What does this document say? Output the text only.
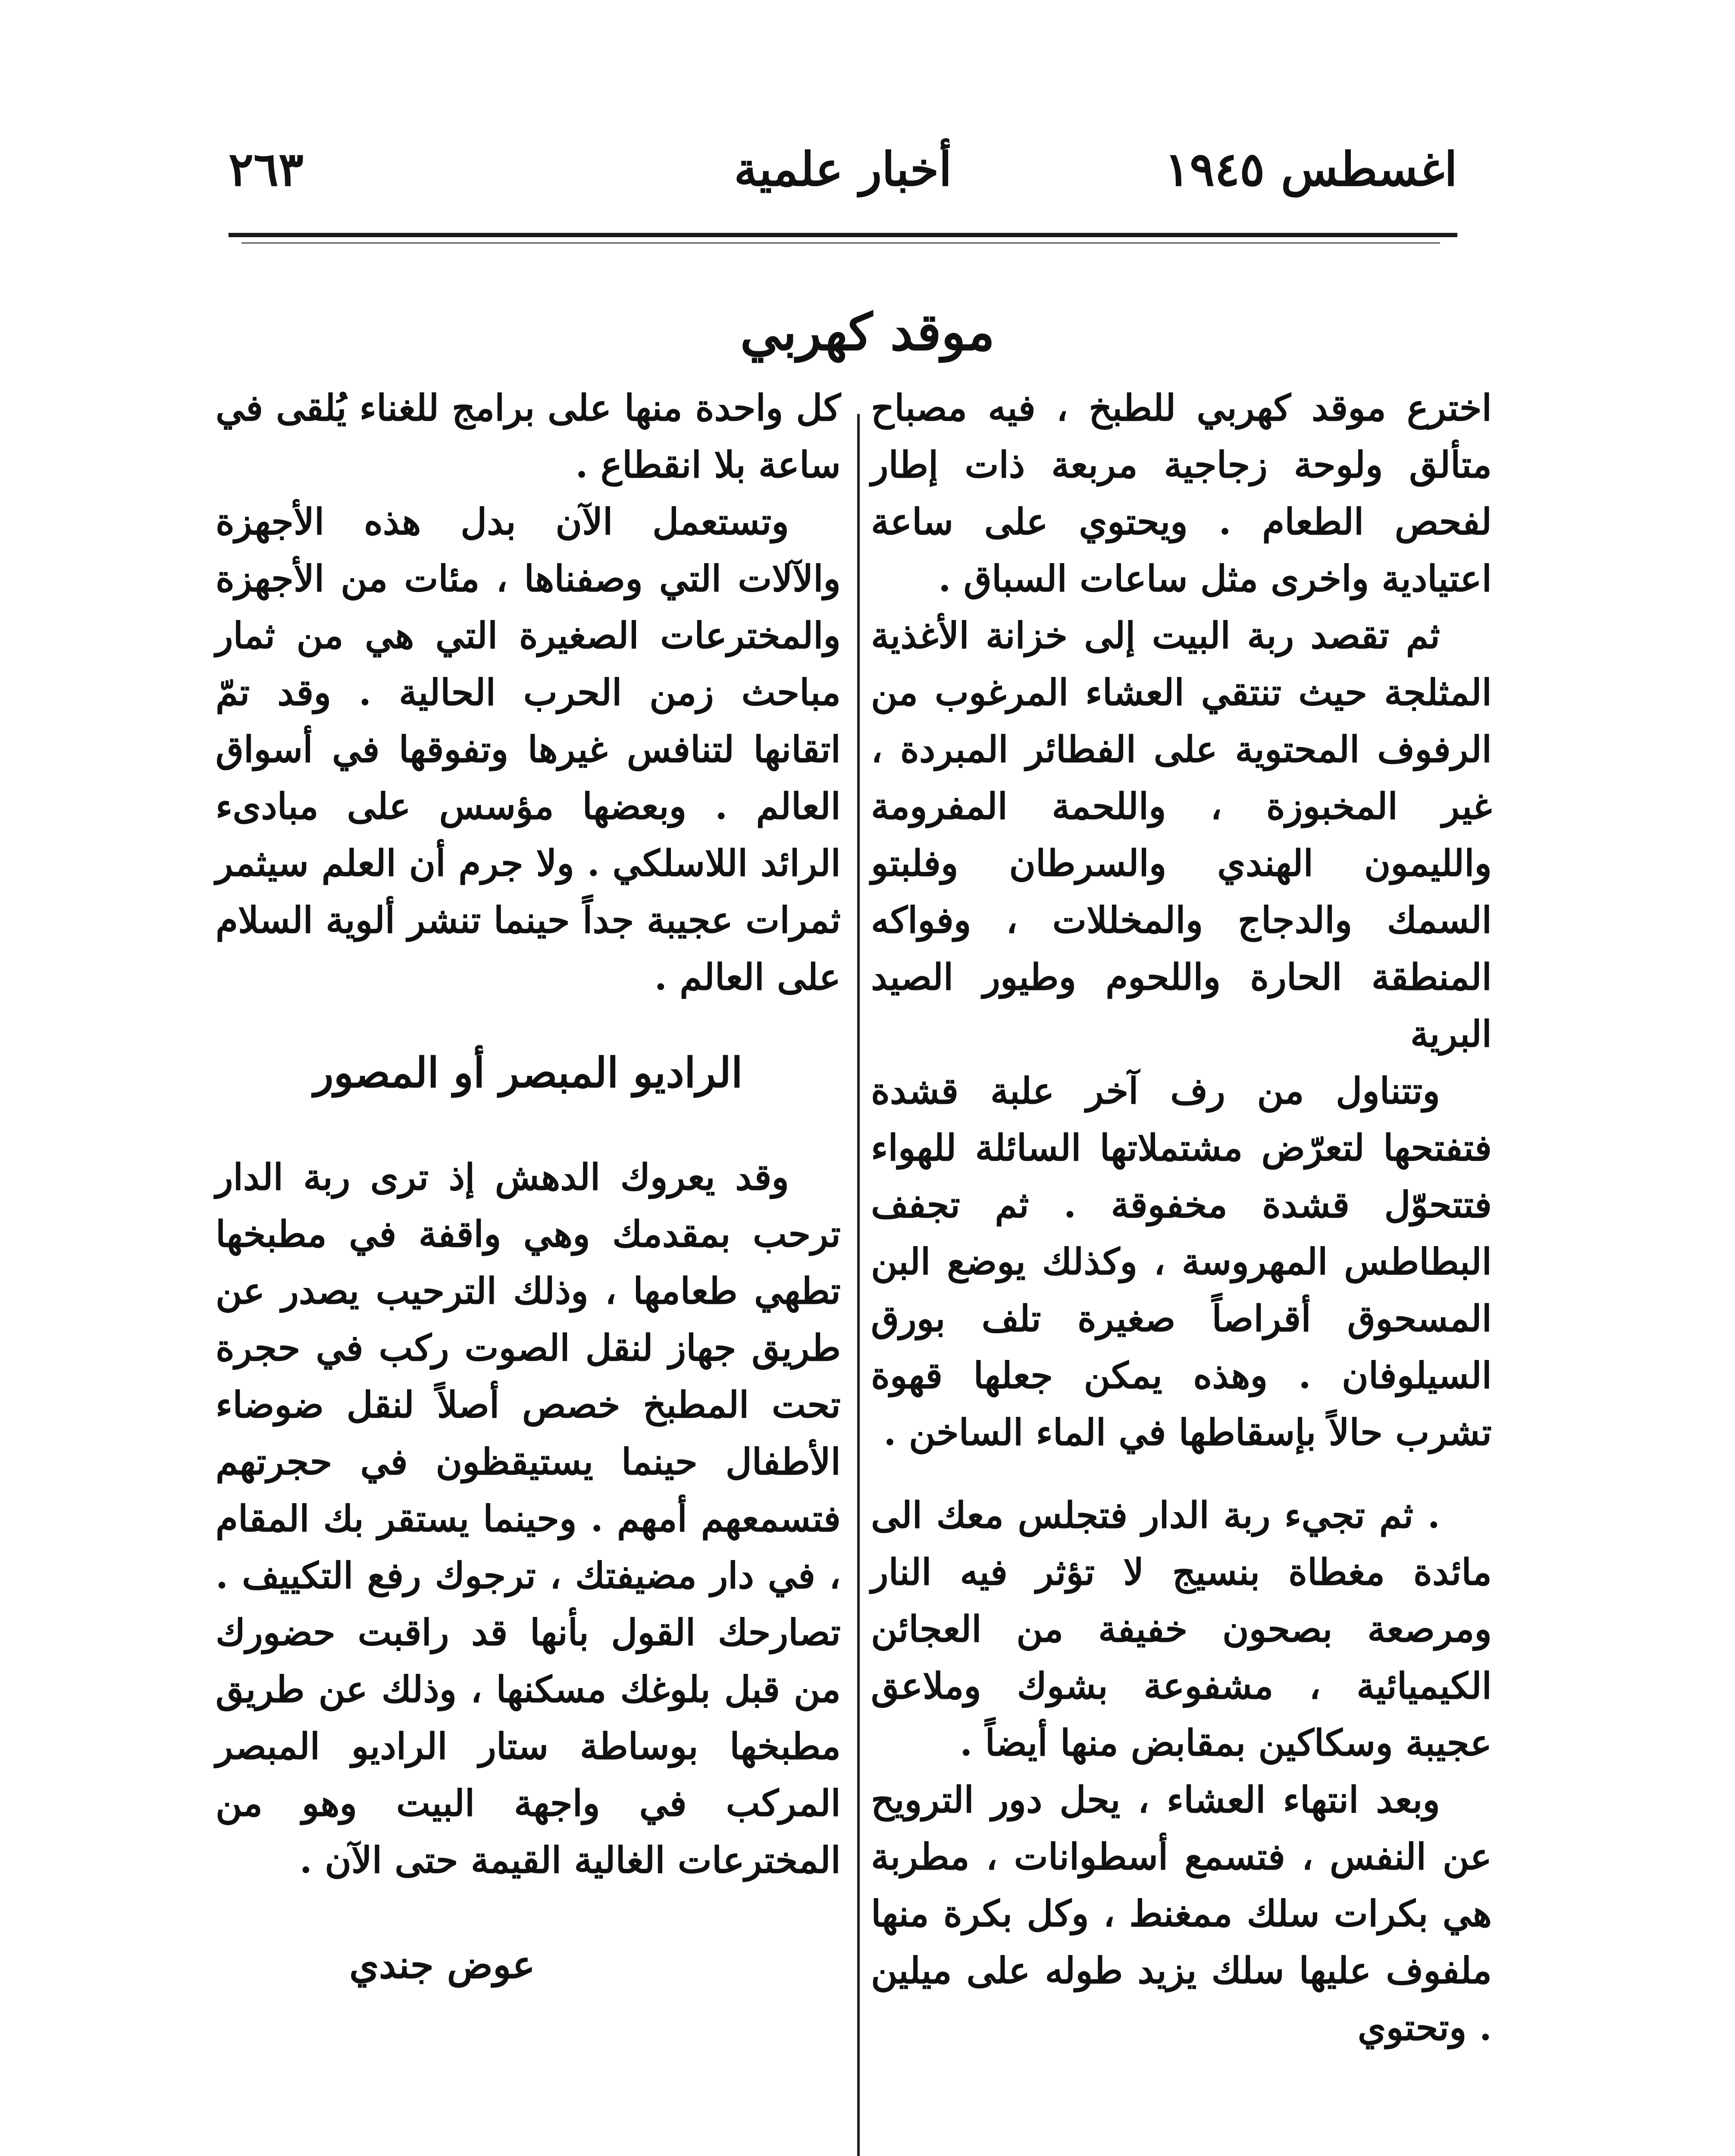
اغسطس ١٩٤٥
أخبار علمية
٢٦٣
موقد كهربي

اخترع موقد كهربي للطبخ ، فيه مصباح متألق ولوحة زجاجية مربعة ذات إطار لفحص الطعام . ويحتوي على ساعة اعتيادية واخرى مثل ساعات السباق .

ثم تقصد ربة البيت إلى خزانة الأغذية المثلجة حيث تنتقي العشاء المرغوب من الرفوف المحتوية على الفطائر المبردة ، غير المخبوزة ، واللحمة المفرومة والليمون الهندي والسرطان وفلبتو السمك والدجاج والمخللات ، وفواكه المنطقة الحارة واللحوم وطيور الصيد البرية

وتتناول من رف آخر علبة قشدة فتفتحها لتعرّض مشتملاتها السائلة للهواء فتتحوّل قشدة مخفوقة . ثم تجفف البطاطس المهروسة ، وكذلك يوضع البن المسحوق أقراصاً صغيرة تلف بورق السيلوفان . وهذه يمكن جعلها قهوة تشرب حالاً بإسقاطها في الماء الساخن .

. ثم تجيء ربة الدار فتجلس معك الى مائدة مغطاة بنسيج لا تؤثر فيه النار ومرصعة بصحون خفيفة من العجائن الكيميائية ، مشفوعة بشوك وملاعق عجيبة وسكاكين بمقابض منها أيضاً .

وبعد انتهاء العشاء ، يحل دور الترويح عن النفس ، فتسمع أسطوانات ، مطربة هي بكرات سلك ممغنط ، وكل بكرة منها ملفوف عليها سلك يزيد طوله على ميلين . وتحتوي

كل واحدة منها على برامج للغناء يُلقى في ساعة بلا انقطاع .

وتستعمل الآن بدل هذه الأجهزة والآلات التي وصفناها ، مئات من الأجهزة والمخترعات الصغيرة التي هي من ثمار مباحث زمن الحرب الحالية . وقد تمّ اتقانها لتنافس غيرها وتفوقها في أسواق العالم . وبعضها مؤسس على مبادىء الرائد اللاسلكي . ولا جرم أن العلم سيثمر ثمرات عجيبة جداً حينما تنشر ألوية السلام على العالم .

الراديو المبصر أو المصور

وقد يعروك الدهش إذ ترى ربة الدار ترحب بمقدمك وهي واقفة في مطبخها تطهي طعامها ، وذلك الترحيب يصدر عن طريق جهاز لنقل الصوت ركب في حجرة تحت المطبخ خصص أصلاً لنقل ضوضاء الأطفال حينما يستيقظون في حجرتهم فتسمعهم أمهم . وحينما يستقر بك المقام ، في دار مضيفتك ، ترجوك رفع التكييف . تصارحك القول بأنها قد راقبت حضورك من قبل بلوغك مسكنها ، وذلك عن طريق مطبخها بوساطة ستار الراديو المبصر المركب في واجهة البيت وهو من المخترعات الغالية القيمة حتى الآن .

عوض جندي
